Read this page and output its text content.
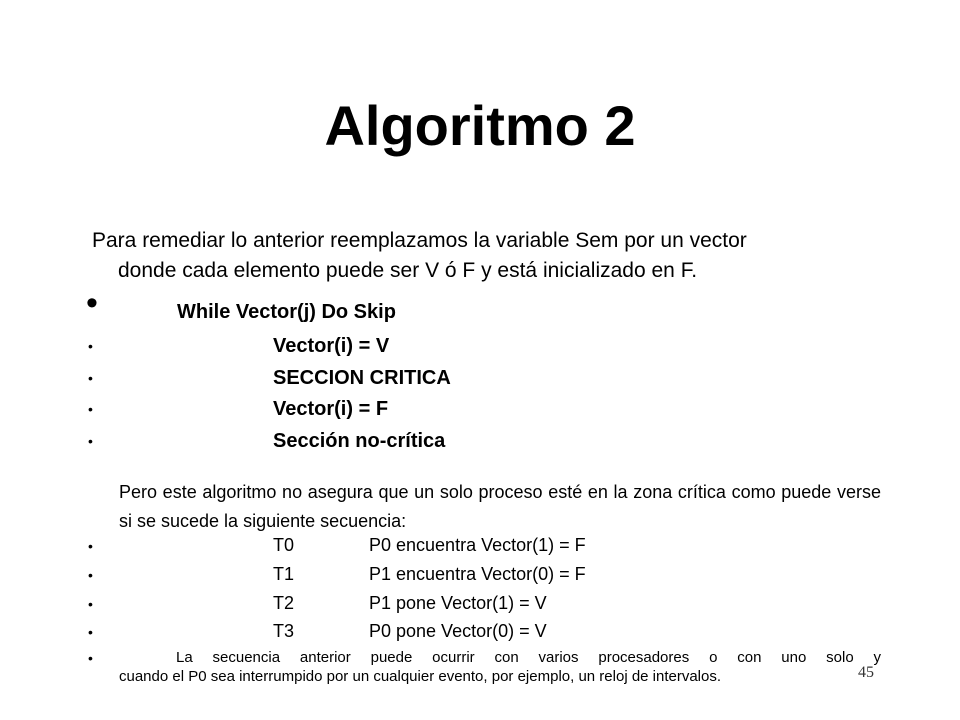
Algoritmo 2
Para remediar lo anterior reemplazamos la variable Sem por un vector
donde cada elemento puede ser V ó F y está inicializado en F.
•	While Vector(j) Do Skip
•	Vector(i) = V
•	SECCION CRITICA
•	Vector(i) = F
•	Sección no-crítica
Pero este algoritmo no asegura que un solo proceso esté en la zona crítica como puede verse si se sucede la siguiente secuencia:
•	T0	P0 encuentra Vector(1) = F
•	T1	P1 encuentra Vector(0) = F
•	T2	P1 pone Vector(1) = V
•	T3	P0 pone Vector(0) = V
•	La secuencia anterior puede ocurrir con varios procesadores o con uno solo y
cuando el P0 sea interrumpido por un cualquier evento, por ejemplo, un reloj de intervalos.	45
